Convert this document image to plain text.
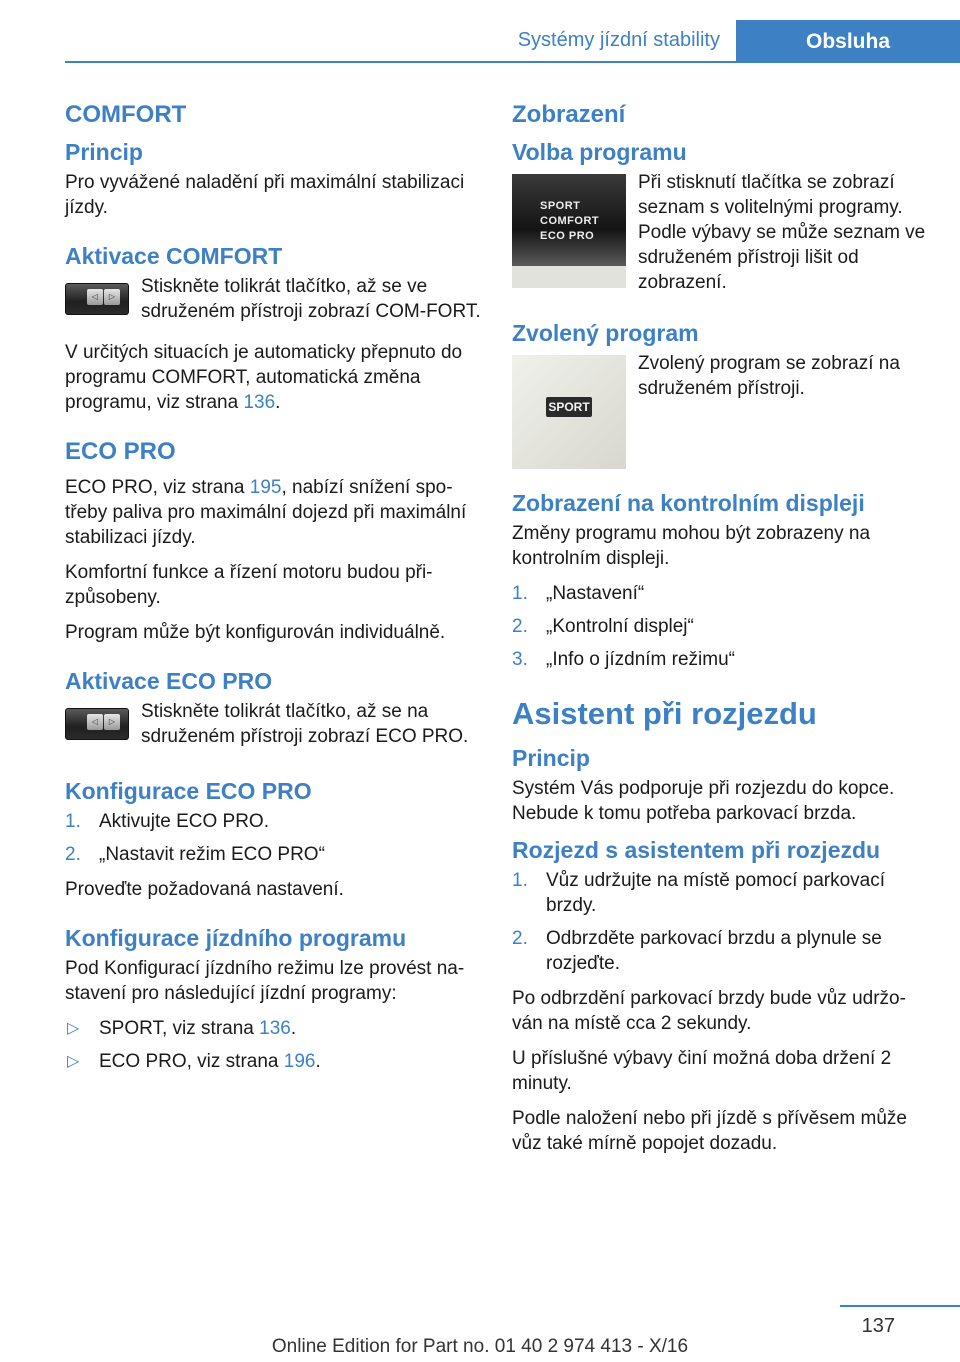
Systémy jízdní stability	Obsluha
COMFORT
Princip

Pro vyvážené naladění při maximální stabilizaci jízdy.

Aktivace COMFORT
◁	▷	Stiskněte tolikrát tlačítko, až se ve sdruženém přístroji zobrazí COM‐FORT.

V určitých situacích je automaticky přepnuto do programu COMFORT, automatická změna programu, viz strana 136.

ECO PRO

ECO PRO, viz strana 195, nabízí snížení spo‐třeby paliva pro maximální dojezd při maximální stabilizaci jízdy.

Komfortní funkce a řízení motoru budou při‐způsobeny.

Program může být konfigurován individuálně.

Aktivace ECO PRO
◁	▷	Stiskněte tolikrát tlačítko, až se na sdruženém přístroji zobrazí ECO PRO.

Konfigurace ECO PRO
1. Aktivujte ECO PRO.
2. „Nastavit režim ECO PRO“

Proveďte požadovaná nastavení.

Konfigurace jízdního programu

Pod Konfigurací jízdního režimu lze provést na‐stavení pro následující jízdní programy:

▷ SPORT, viz strana 136.
▷ ECO PRO, viz strana 196.
Zobrazení
Volba programu
SPORT
COMFORT
ECO PRO

Při stisknutí tlačítka se zobrazí seznam s volitelnými programy. Podle výbavy se může seznam ve sdruženém přístroji lišit od zobrazení.

Zvolený program
SPORT

Zvolený program se zobrazí na sdruženém přístroji.

Zobrazení na kontrolním displeji

Změny programu mohou být zobrazeny na kontrolním displeji.

1. „Nastavení“
2. „Kontrolní displej“
3. „Info o jízdním režimu“
Asistent při rozjezdu
Princip

Systém Vás podporuje při rozjezdu do kopce. Nebude k tomu potřeba parkovací brzda.

Rozjezd s asistentem při rozjezdu
1. Vůz udržujte na místě pomocí parkovací brzdy.
2. Odbrzděte parkovací brzdu a plynule se rozjeďte.

Po odbrzdění parkovací brzdy bude vůz udržo‐ván na místě cca 2 sekundy.

U příslušné výbavy činí možná doba držení 2 minuty.

Podle naložení nebo při jízdě s přívěsem může vůz také mírně popojet dozadu.

137
Online Edition for Part no. 01 40 2 974 413 - X/16
